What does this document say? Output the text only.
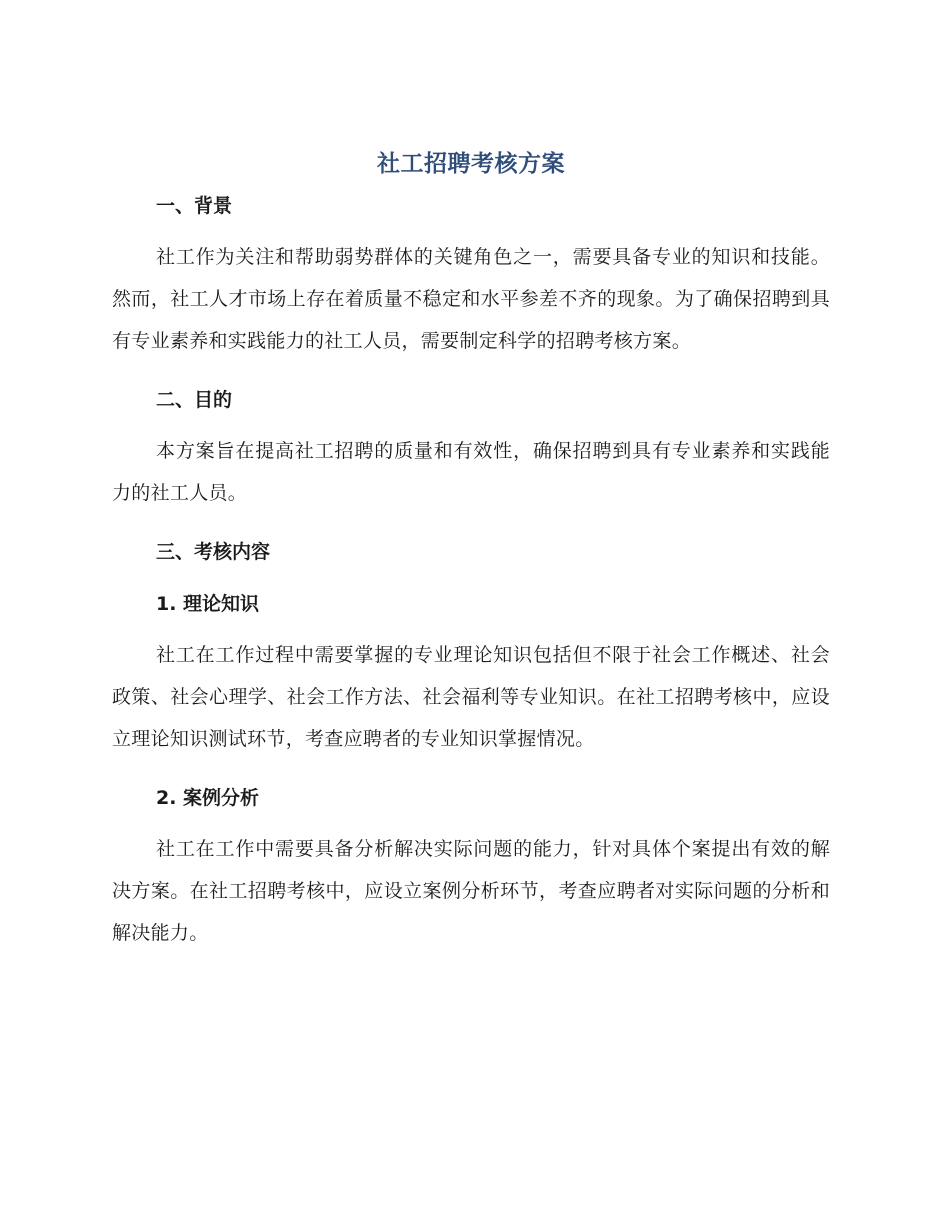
社工招聘考核方案
一、背景

社工作为关注和帮助弱势群体的关键角色之一，需要具备专业的知识和技能。然而，社工人才市场上存在着质量不稳定和水平参差不齐的现象。为了确保招聘到具有专业素养和实践能力的社工人员，需要制定科学的招聘考核方案。

二、目的

本方案旨在提高社工招聘的质量和有效性，确保招聘到具有专业素养和实践能力的社工人员。

三、考核内容
1. 理论知识

社工在工作过程中需要掌握的专业理论知识包括但不限于社会工作概述、社会政策、社会心理学、社会工作方法、社会福利等专业知识。在社工招聘考核中，应设立理论知识测试环节，考查应聘者的专业知识掌握情况。

2. 案例分析

社工在工作中需要具备分析解决实际问题的能力，针对具体个案提出有效的解决方案。在社工招聘考核中，应设立案例分析环节，考查应聘者对实际问题的分析和解决能力。
